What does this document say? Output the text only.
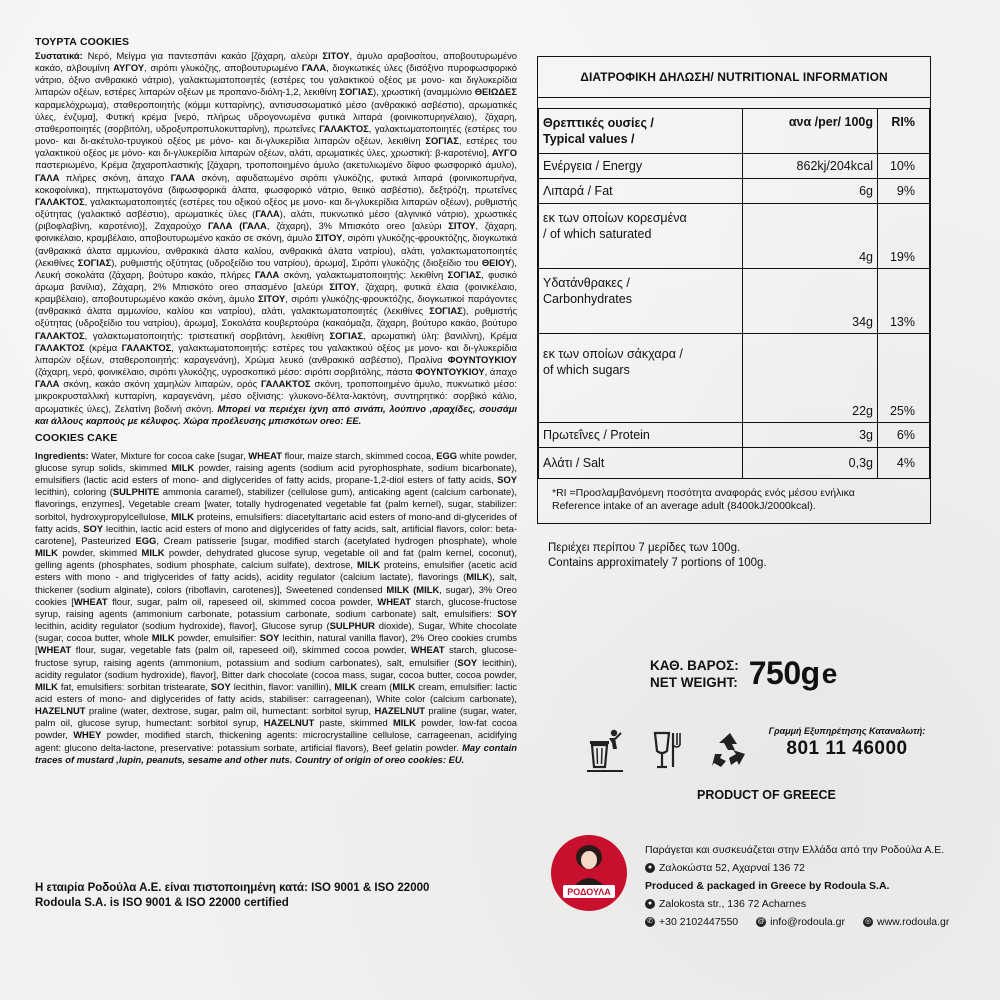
ΤΟΥΡΤΑ COOKIES

Συστατικά: Νερό, Μείγμα για παντεσπάνι κακάο [ζάχαρη, αλεύρι ΣΙΤΟΥ, άμυλο αραβοσίτου, αποβουτυρωμένο κακάο, αλβουμίνη ΑΥΓΟΥ, σιρόπι γλυκόζης, αποβουτυρωμένο ΓΑΛΑ, διογκωτικές ύλες (δισόξινο πυροφωσφορικό νάτριο, όξινο ανθρακικό νάτριο), γαλακτωματοποιητές (εστέρες του γαλακτικού οξέος με μονο- και διγλυκερίδια λιπαρών οξέων, εστέρες λιπαρών οξέων με προπανο-διόλη-1,2, λεκιθίνη ΣΟΓΙΑΣ), χρωστική (αναμμώνιο ΘΕΙΩΔΕΣ καραμελόχρωμα), σταθεροποιητής (κόμμι κυτταρίνης), αντισυσσωματικό μέσο (ανθρακικό ασβέστιο), αρωματικές ύλες, ένζυμα], Φυτική κρέμα [νερό, πλήρως υδρογονωμένα φυτικά λιπαρά (φοινικοπυρηνέλαιο), ζάχαρη, σταθεροποιητές (σορβιτόλη, υδροξυπροπυλοκυτταρίνη), πρωτεΐνες ΓΑΛΑΚΤΟΣ, γαλακτωματοποιητές (εστέρες του μονο- και δι-ακέτυλο-τρυγικού οξέος με μόνο- και δι-γλυκερίδια λιπαρών οξέων, λεκιθίνη ΣΟΓΙΑΣ, εστέρες του γαλακτικού οξέος με μόνο- και δι-γλυκερίδια λιπαρών οξέων, αλάτι, αρωματικές ύλες, χρωστική: β-καροτένιο], ΑΥΓΟ παστεριωμένο, Κρέμα ζαχαροπλαστικής [ζάχαρη, τροποποιημένο άμυλο (ακετυλιωμένο δίφυο φωσφορικό άμυλο), ΓΑΛΑ πλήρες σκόνη, άπαχο ΓΑΛΑ σκόνη, αφυδατωμένο σιρόπι γλυκόζης, φυτικά λιπαρά (φοινικοπυρήνα, κοκοφοίνικα), πηκτωματογόνα (διφωσφορικά άλατα, φωσφορικό νάτριο, θειικό ασβέστιο), δεξτρόζη, πρωτεΐνες ΓΑΛΑΚΤΟΣ, γαλακτωματοποιητές (εστέρες του οξικού οξέος με μονο- και δι-γλυκερίδια λιπαρών οξέων), ρυθμιστής οξύτητας (γαλακτικό ασβέστιο), αρωματικές ύλες (ΓΑΛΑ), αλάτι, πυκνωτικό μέσο (αλγινικό νάτριο), χρωστικές (ριβοφλαβίνη, καροτένιο)], Ζαχαρούχο ΓΑΛΑ (ΓΑΛΑ, ζάχαρη), 3% Μπισκότο oreo [αλεύρι ΣΙΤΟΥ, ζάχαρη, φοινικέλαιο, κραμβέλαιο, αποβουτυρωμένο κακάο σε σκόνη, άμυλο ΣΙΤΟΥ, σιρόπι γλυκόζης-φρουκτόζης, διογκωτικά (ανθρακικά άλατα αμμωνίου, ανθρακικά άλατα καλίου, ανθρακικά άλατα νατρίου), αλάτι, γαλακτωματοποιητές (λεκιθίνες ΣΟΓΙΑΣ), ρυθμιστής οξύτητας (υδροξείδιο του νατρίου), άρωμα], Σιρόπι γλυκόζης (διοξείδιο του ΘΕΙΟΥ), Λευκή σοκολάτα (ζάχαρη, βούτυρο κακάο, πλήρες ΓΑΛΑ σκόνη, γαλακτωματοποιητής: λεκιθίνη ΣΟΓΙΑΣ, φυσικό άρωμα βανίλια), Ζάχαρη, 2% Μπισκότο oreo σπασμένο [αλεύρι ΣΙΤΟΥ, ζάχαρη, φυτικά έλαια (φοινικέλαιο, κραμβέλαιο), αποβουτυρωμένο κακάο σκόνη, άμυλο ΣΙΤΟΥ, σιρόπι γλυκόζης-φρουκτόζης, διογκωτικοί παράγοντες (ανθρακικά άλατα αμμωνίου, καλίου και νατρίου), αλάτι, γαλακτωματοποιητές (λεκιθίνες ΣΟΓΙΑΣ), ρυθμιστής οξύτητας (υδροξείδιο του νατρίου), άρωμα], Σοκολάτα κουβερτούρα (κακαόμαζα, ζάχαρη, βούτυρο κακάο, βούτυρο ΓΑΛΑΚΤΟΣ, γαλακτωματοποιητής: τριστεατική σορβιτάνη, λεκιθίνη ΣΟΓΙΑΣ, αρωματική ύλη: βανιλίνη), Κρέμα ΓΑΛΑΚΤΟΣ (κρέμα ΓΑΛΑΚΤΟΣ, γαλακτωματοποιητής: εστέρες του γαλακτικού οξέος με μονο- και δι-γλυκερίδια λιπαρών οξέων, σταθεροποιητής: καραγενάνη), Χρώμα λευκό (ανθρακικό ασβέστιο), Πραλίνα ΦΟΥΝΤΟΥΚΙΟΥ (ζάχαρη, νερό, φοινικέλαιο, σιρόπι γλυκόζης, υγροσκοπικό μέσο: σιρόπι σορβιτόλης, πάστα ΦΟΥΝΤΟΥΚΙΟΥ, άπαχο ΓΑΛΑ σκόνη, κακάο σκόνη χαμηλών λιπαρών, ορός ΓΑΛΑΚΤΟΣ σκόνη, τροποποιημένο άμυλο, πυκνωτικό μέσο: μικροκρυσταλλική κυτταρίνη, καραγενάνη, μέσο οξίνισης: γλυκονο-δέλτα-λακτόνη, συντηρητικό: σορβικό κάλιο, αρωματικές ύλες), Ζελατίνη βοδινή σκόνη. Μπορεί να περιέχει ίχνη από σινάπι, λούπινο ,αραχίδες, σουσάμι και άλλους καρπούς με κέλυφος. Χώρα προέλευσης μπισκότων oreo: ΕΕ.

COOKIES CAKE

Ingredients: Water, Mixture for cocoa cake [sugar, WHEAT flour, maize starch, skimmed cocoa, EGG white powder, glucose syrup solids, skimmed MILK powder, raising agents (sodium acid pyrophosphate, sodium bicarbonate), emulsifiers (lactic acid esters of mono- and diglycerides of fatty acids, propane-1,2-diol esters of fatty acids, SOY lecithin), coloring (SULPHITE ammonia caramel), stabilizer (cellulose gum), anticaking agent (calcium carbonate), flavorings, enzymes], Vegetable cream [water, totally hydrogenated vegetable fat (palm kernel), sugar, stabilizer: sorbitol, hydroxypropylcellulose, MILK proteins, emulsifiers: diacetyltartaric acid esters of mono-and di-glycerides of fatty acids, SOY lecithin, lactic acid esters of mono and diglycerides of fatty acids, salt, artificial flavors, color: beta-carotene], Pasteurized EGG, Cream patisserie [sugar, modified starch (acetylated hydrogen phosphate), whole MILK powder, skimmed MILK powder, dehydrated glucose syrup, vegetable oil and fat (palm kernel, coconut), gelling agents (phosphates, sodium phosphate, calcium sulfate), dextrose, MILK proteins, emulsifier (acetic acid esters with mono - and triglycerides of fatty acids), acidity regulator (calcium lactate), flavorings (MILK), salt, thickener (sodium alginate), colors (riboflavin, carotenes)], Sweetened condensed MILK (MILK, sugar), 3% Oreo cookies [WHEAT flour, sugar, palm oil, rapeseed oil, skimmed cocoa powder, WHEAT starch, glucose-fructose syrup, raising agents (ammonium carbonate, potassium carbonate, sodium carbonate) salt, emulsifiers: SOY lecithin, acidity regulator (sodium hydroxide), flavor], Glucose syrup (SULPHUR dioxide), Sugar, White chocolate (sugar, cocoa butter, whole MILK powder, emulsifier: SOY lecithin, natural vanilla flavor), 2% Oreo cookies crumbs [WHEAT flour, sugar, vegetable fats (palm oil, rapeseed oil), skimmed cocoa powder, WHEAT starch, glucose-fructose syrup, raising agents (ammonium, potassium and sodium carbonates), salt, emulsifier (SOY lecithin), acidity regulator (sodium hydroxide), flavor], Bitter dark chocolate (cocoa mass, sugar, cocoa butter, cocoa powder, MILK fat, emulsifiers: sorbitan tristearate, SOY lecithin, flavor: vanillin), MILK cream (MILK cream, emulsifier: lactic acid esters of mono- and diglycerides of fatty acids, stabiliser: carrageenan), White color (calcium carbonate), HAZELNUT praline (water, dextrose, sugar, palm oil, humectant: sorbitol syrup, HAZELNUT praline (sugar, water, palm oil, glucose syrup, humectant: sorbitol syrup, HAZELNUT paste, skimmed MILK powder, low-fat cocoa powder, WHEY powder, modified starch, thickening agents: microcrystalline cellulose, carrageenan, acidifying agent: glucono delta-lactone, preservative: potassium sorbate, artificial flavors), Beef gelatin powder. May contain traces of mustard ,lupin, peanuts, sesame and other nuts. Country of origin of oreo cookies: EU.

Η εταιρία Ροδούλα Α.Ε. είναι πιστοποιημένη κατά: ISO 9001 & ISO 22000
Rodoula S.A. is ISO 9001 & ISO 22000 certified
ΔΙΑΤΡΟΦΙΚΗ ΔΗΛΩΣΗ/ NUTRITIONAL INFORMATION
Θρεπτικές ουσίες /
Typical values /	ανα /per/ 100g	RI%
Ενέργεια / Energy	862kj/204kcal	10%
Λιπαρά / Fat	6g	9%

εκ των οποίων κορεσμένα
/ of which saturated	4g	19%

Υδατάνθρακες /
Carbonhydrates	34g	13%

εκ των οποίων σάκχαρα /
of which sugars	22g	25%
Πρωτεΐνες / Protein	3g	6%
Αλάτι / Salt	0,3g	4%
*RI =Προσλαμβανόμενη ποσότητα αναφοράς ενός μέσου ενήλικα
Reference intake of an average adult (8400kJ/2000kcal).
Περιέχει περίπου 7 μερίδες των 100g.
Contains approximately 7 portions of 100g.
ΚΑΘ. ΒΑΡΟΣ:
NET WEIGHT: 750g e
Γραμμή Εξυπηρέτησης Καταναλωτή:
801 11 46000
PRODUCT OF GREECE
ΡΟΔΟΥΛΑ
Παράγεται και συσκευάζεται στην Ελλάδα από την Ροδούλα Α.Ε.
● Ζαλοκώστα 52, Αχαρναί 136 72
Produced & packaged in Greece by Rodoula S.A.
● Zalokosta str., 136 72 Acharnes
✆ +30 2102447550	@ info@rodoula.gr	◎ www.rodoula.gr
